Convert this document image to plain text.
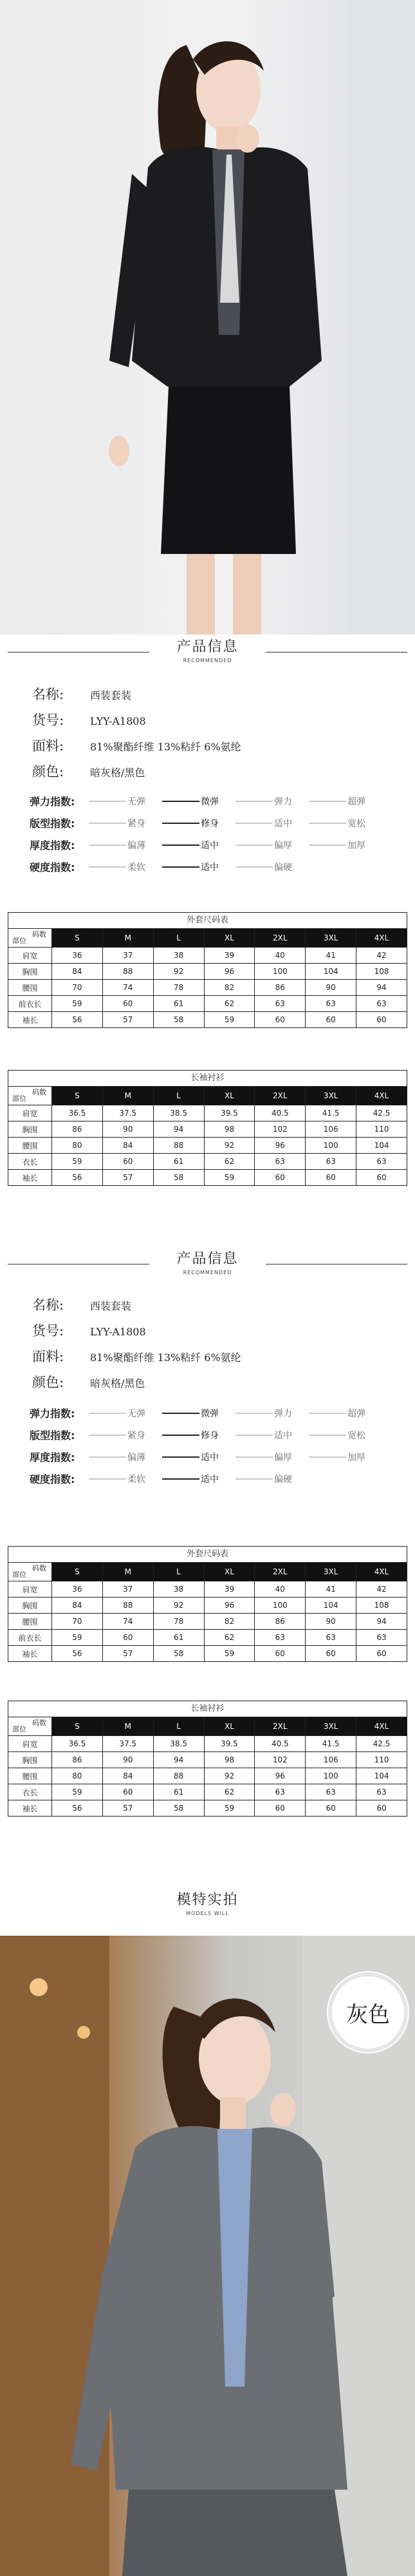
产品信息
RECOMMENDED
名称:	西装套装
货号:	LYY-A1808
面料:	81%聚酯纤维 13%粘纤 6%氨纶
颜色:	暗灰格/黑色
弹力指数:	无弹	微弹	弹力	超弹
版型指数:	紧身	修身	适中	宽松
厚度指数:	偏薄	适中	偏厚	加厚
硬度指数:	柔软	适中	偏硬
外套尺码表
码数
部位	S	M	L	XL	2XL	3XL	4XL
肩宽	36	37	38	39	40	41	42
胸围	84	88	92	96	100	104	108
腰围	70	74	78	82	86	90	94
前衣长	59	60	61	62	63	63	63
袖长	56	57	58	59	60	60	60
长袖衬衫
码数
部位	S	M	L	XL	2XL	3XL	4XL
肩宽	36.5	37.5	38.5	39.5	40.5	41.5	42.5
胸围	86	90	94	98	102	106	110
腰围	80	84	88	92	96	100	104
衣长	59	60	61	62	63	63	63
袖长	56	57	58	59	60	60	60
产品信息
RECOMMENDED
名称:	西装套装
货号:	LYY-A1808
面料:	81%聚酯纤维 13%粘纤 6%氨纶
颜色:	暗灰格/黑色
弹力指数:	无弹	微弹	弹力	超弹
版型指数:	紧身	修身	适中	宽松
厚度指数:	偏薄	适中	偏厚	加厚
硬度指数:	柔软	适中	偏硬
外套尺码表
码数
部位	S	M	L	XL	2XL	3XL	4XL
肩宽	36	37	38	39	40	41	42
胸围	84	88	92	96	100	104	108
腰围	70	74	78	82	86	90	94
前衣长	59	60	61	62	63	63	63
袖长	56	57	58	59	60	60	60
长袖衬衫
码数
部位	S	M	L	XL	2XL	3XL	4XL
肩宽	36.5	37.5	38.5	39.5	40.5	41.5	42.5
胸围	86	90	94	98	102	106	110
腰围	80	84	88	92	96	100	104
衣长	59	60	61	62	63	63	63
袖长	56	57	58	59	60	60	60
模特实拍
MODELS WILL
灰色
